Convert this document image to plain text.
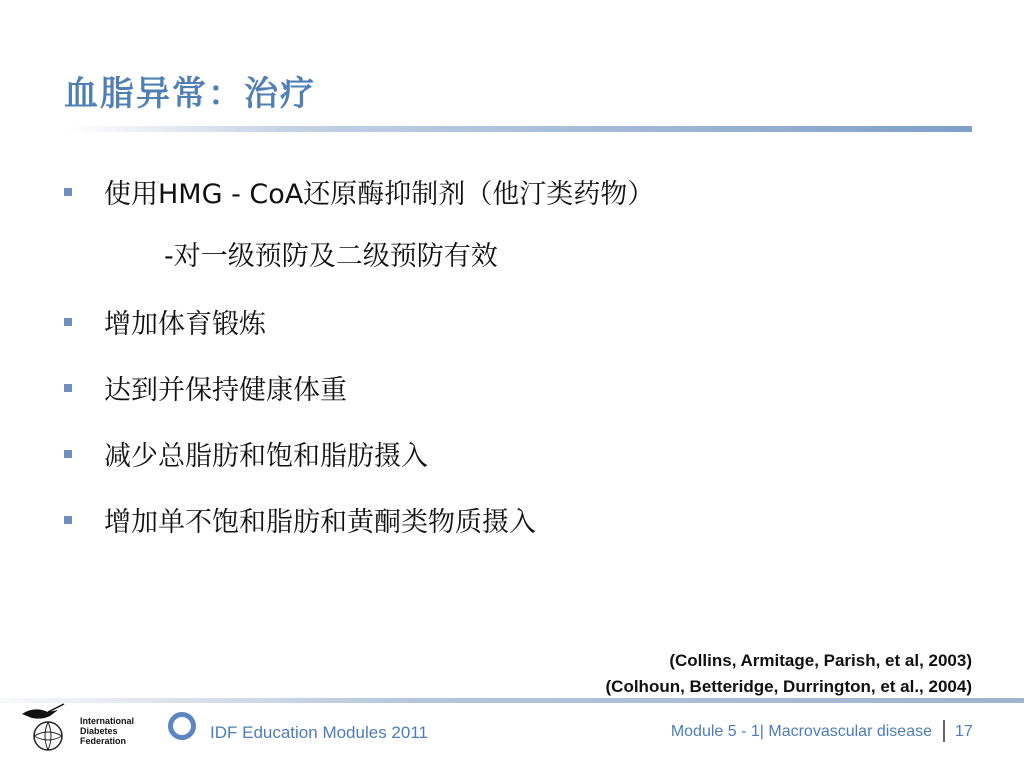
血脂异常：治疗
使用HMG - CoA还原酶抑制剂（他汀类药物）
-对一级预防及二级预防有效
增加体育锻炼
达到并保持健康体重
减少总脂肪和饱和脂肪摄入
增加单不饱和脂肪和黄酮类物质摄入
(Collins, Armitage, Parish, et al, 2003)
(Colhoun, Betteridge, Durrington, et al., 2004)
International
Diabetes
Federation	IDF Education Modules 2011	Module 5 - 1| Macrovascular disease 17
